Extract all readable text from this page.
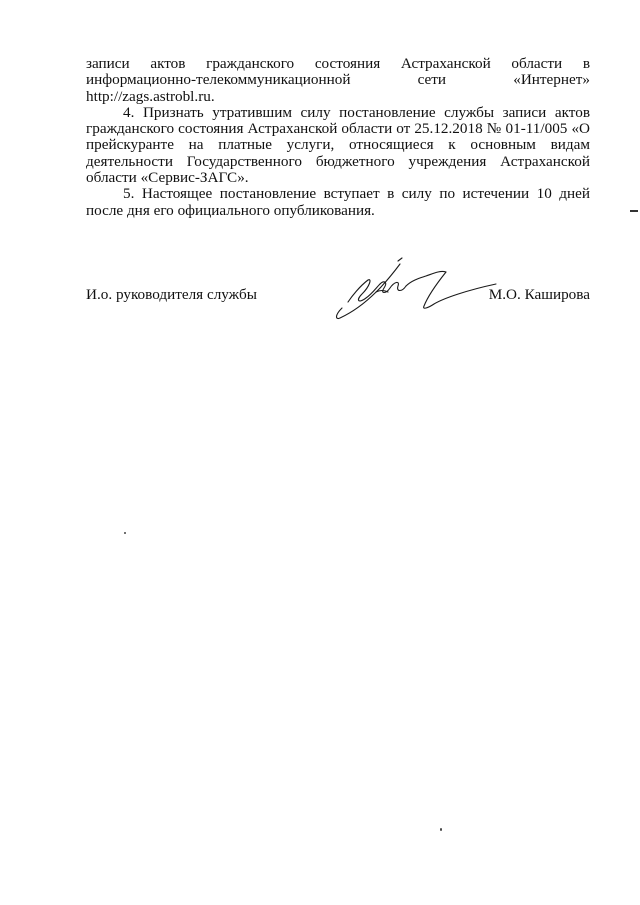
записи актов гражданского состояния Астраханской области в
информационно-телекоммуникационной сети «Интернет»
http://zags.astrobl.ru.

4. Признать утратившим силу постановление службы записи актов
гражданского состояния Астраханской области от 25.12.2018 № 01-11/005 «О
прейскуранте на платные услуги, относящиеся к основным видам
деятельности Государственного бюджетного учреждения Астраханской
области «Сервис-ЗАГС».

5. Настоящее постановление вступает в силу по истечении 10 дней
после дня его официального опубликования.

И.о. руководителя службы	М.О. Каширова
